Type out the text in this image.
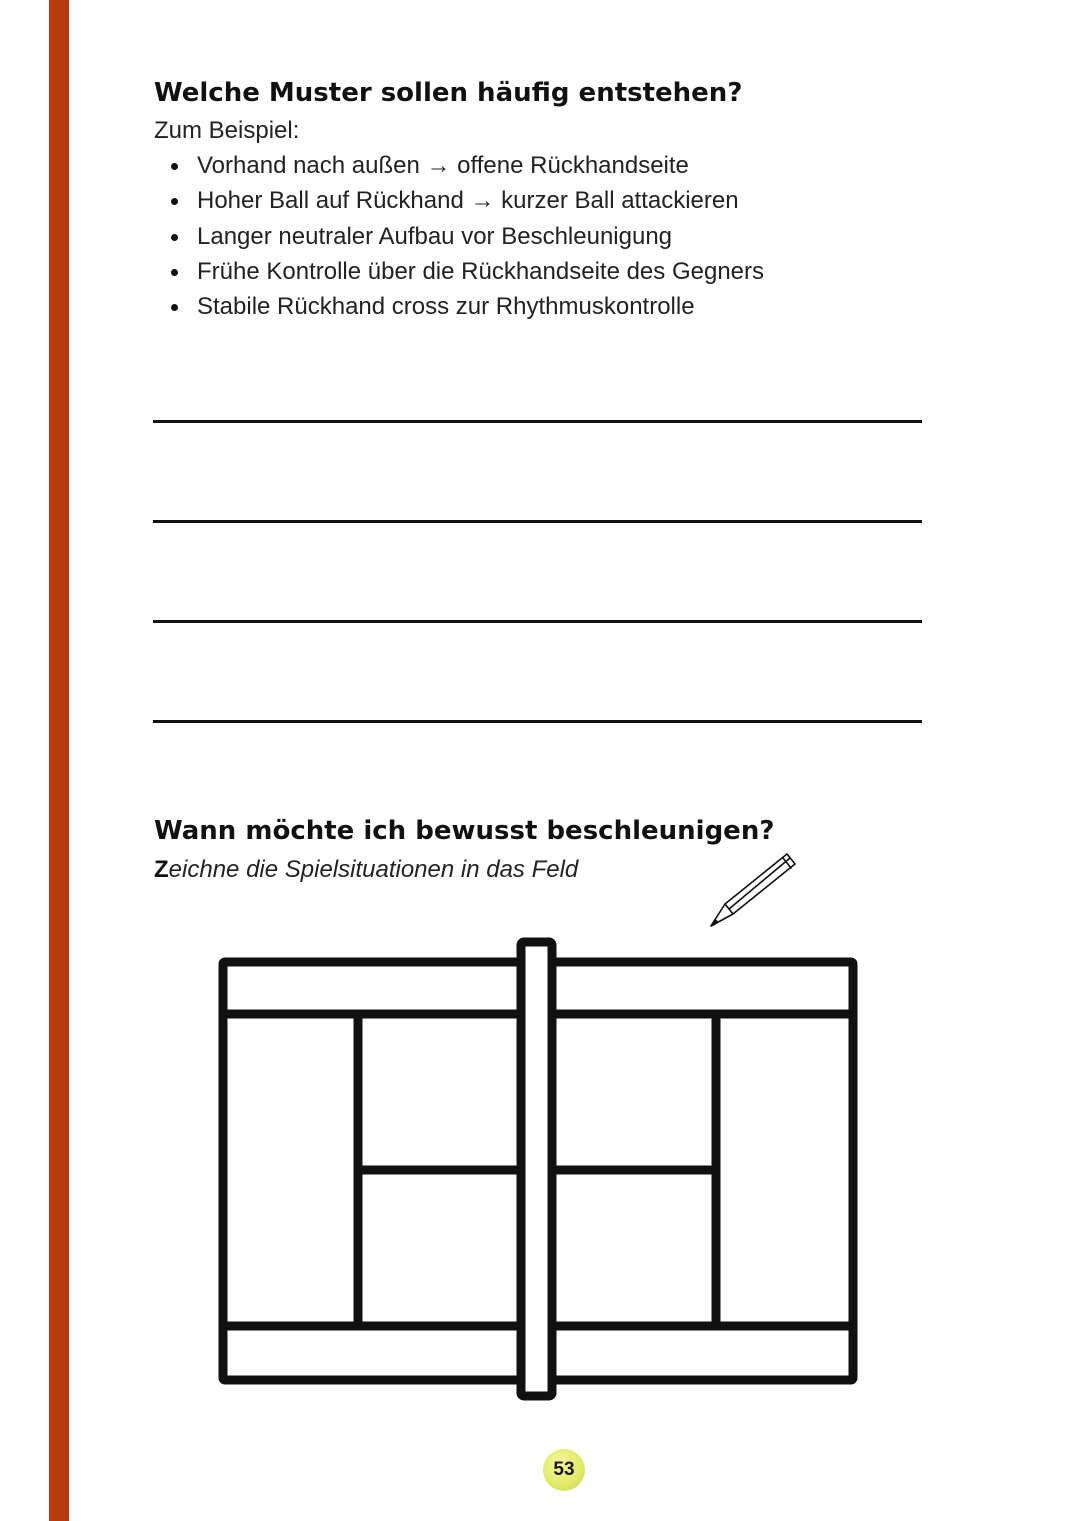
Welche Muster sollen häufig entstehen?
Zum Beispiel:
Vorhand nach außen → offene Rückhandseite
Hoher Ball auf Rückhand → kurzer Ball attackieren
Langer neutraler Aufbau vor Beschleunigung
Frühe Kontrolle über die Rückhandseite des Gegners
Stabile Rückhand cross zur Rhythmuskontrolle
Wann möchte ich bewusst beschleunigen?
Zeichne die Spielsituationen in das Feld
53
